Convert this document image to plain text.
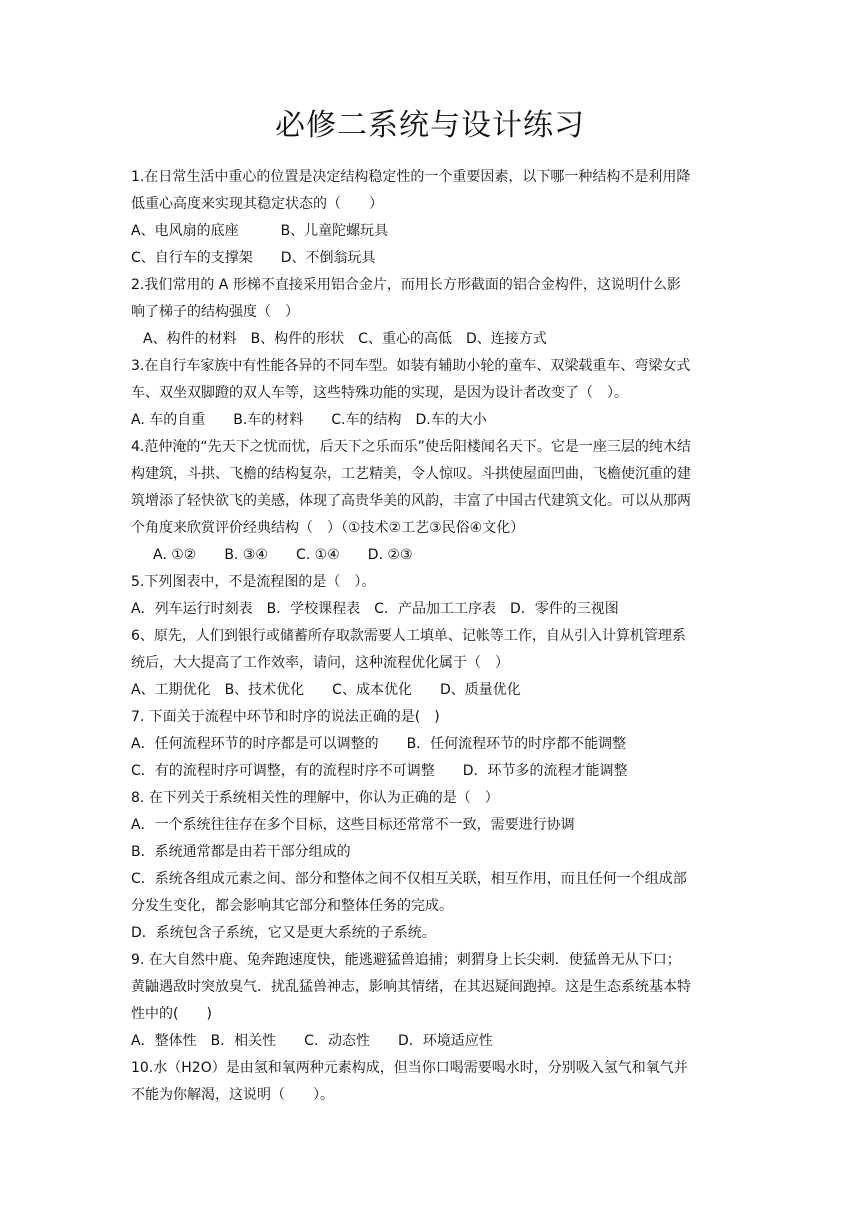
必修二系统与设计练习
1.在日常生活中重心的位置是决定结构稳定性的一个重要因素，以下哪一种结构不是利用降
低重心高度来实现其稳定状态的（　　）
A、电风扇的底座　　　B、儿童陀螺玩具
C、自行车的支撑架　　D、不倒翁玩具
2.我们常用的 A 形梯不直接采用铝合金片，而用长方形截面的铝合金构件，这说明什么影
响了梯子的结构强度（　）
A、构件的材料　B、构件的形状　C、重心的高低　D、连接方式
3.在自行车家族中有性能各异的不同车型。如装有辅助小轮的童车、双梁载重车、弯梁女式
车、双坐双脚蹬的双人车等，这些特殊功能的实现，是因为设计者改变了（　）。
A. 车的自重　　B.车的材料　　C.车的结构　D.车的大小
4.范仲淹的“先天下之忧而忧，后天下之乐而乐”使岳阳楼闻名天下。它是一座三层的纯木结
构建筑，斗拱、飞檐的结构复杂，工艺精美，令人惊叹。斗拱使屋面凹曲，飞檐使沉重的建
筑增添了轻快欲飞的美感，体现了高贵华美的风韵，丰富了中国古代建筑文化。可以从那两
个角度来欣赏评价经典结构（　）（①技术②工艺③民俗④文化）
A. ①②　　B. ③④　　C. ①④　　D. ②③
5.下列图表中，不是流程图的是（　）。
A．列车运行时刻表　B．学校课程表　C．产品加工工序表　D．零件的三视图
6、原先，人们到银行或储蓄所存取款需要人工填单、记帐等工作，自从引入计算机管理系
统后，大大提高了工作效率，请问，这种流程优化属于（　）
A、工期优化　B、技术优化　　C、成本优化　　D、质量优化
7. 下面关于流程中环节和时序的说法正确的是(　)
A．任何流程环节的时序都是可以调整的　　B．任何流程环节的时序都不能调整
C．有的流程时序可调整，有的流程时序不可调整　　D．环节多的流程才能调整
8. 在下列关于系统相关性的理解中，你认为正确的是（　）
A．一个系统往往存在多个目标，这些目标还常常不一致，需要进行协调
B．系统通常都是由若干部分组成的
C．系统各组成元素之间、部分和整体之间不仅相互关联，相互作用，而且任何一个组成部
分发生变化，都会影响其它部分和整体任务的完成。
D．系统包含子系统，它又是更大系统的子系统。
9. 在大自然中鹿、兔奔跑速度快，能逃避猛兽追捕；刺猬身上长尖刺．使猛兽无从下口；
黄鼬遇敌时突放臭气．扰乱猛兽神志，影响其情绪，在其迟疑间跑掉。这是生态系统基本特
性中的(　　)
A．整体性　B．相关性　　C．动态性　　D．环境适应性
10.水（H2O）是由氢和氧两种元素构成，但当你口喝需要喝水时，分别吸入氢气和氧气并
不能为你解渴，这说明（　　）。
